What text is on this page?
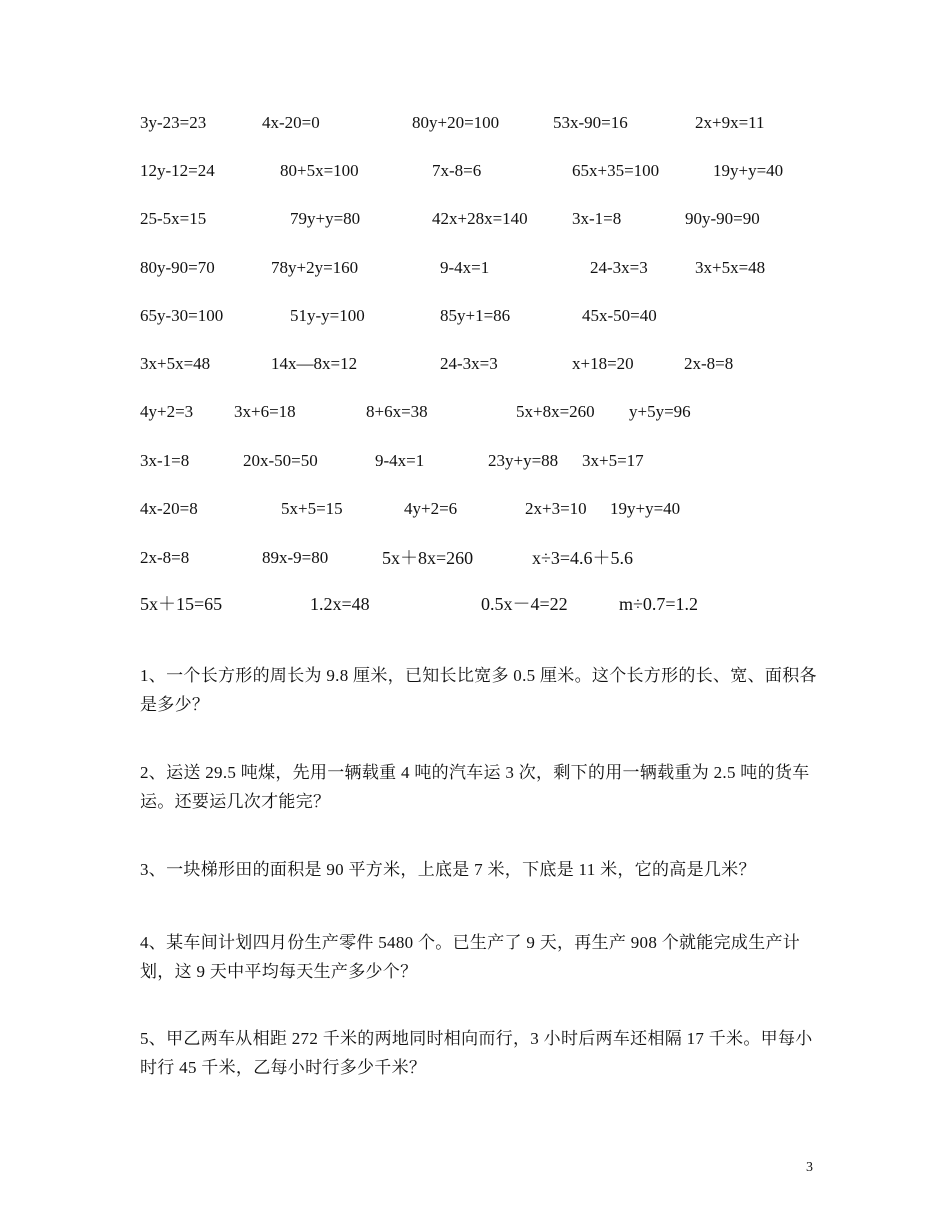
3y-23=23	4x-20=0	80y+20=100	53x-90=16	2x+9x=11
12y-12=24	80+5x=100	7x-8=6	65x+35=100	19y+y=40
25-5x=15	79y+y=80	42x+28x=140	3x-1=8	90y-90=90
80y-90=70	78y+2y=160	9-4x=1	24-3x=3	3x+5x=48
65y-30=100	51y-y=100	85y+1=86	45x-50=40
3x+5x=48	14x—8x=12	24-3x=3	x+18=20	2x-8=8
4y+2=3 3x+6=18	8+6x=38	5x+8x=260 y+5y=96
3x-1=8	20x-50=50	9-4x=1	23y+y=88 3x+5=17
4x-20=8	5x+5=15	4y+2=6	2x+3=10 19y+y=40
2x-8=8	89x-9=80	5x＋8x=260	x÷3=4.6＋5.6
5x＋15=65	1.2x=48	0.5x－4=22	m÷0.7=1.2
1、一个长方形的周长为 9.8 厘米，已知长比宽多 0.5 厘米。这个长方形的长、宽、面积各是多少？
2、运送 29.5 吨煤，先用一辆载重 4 吨的汽车运 3 次，剩下的用一辆载重为 2.5 吨的货车运。还要运几次才能完？
3、一块梯形田的面积是 90 平方米，上底是 7 米，下底是 11 米，它的高是几米？
4、某车间计划四月份生产零件 5480 个。已生产了 9 天，再生产 908 个就能完成生产计划，这 9 天中平均每天生产多少个？
5、甲乙两车从相距 272 千米的两地同时相向而行，3 小时后两车还相隔 17 千米。甲每小时行 45 千米，乙每小时行多少千米？
3
